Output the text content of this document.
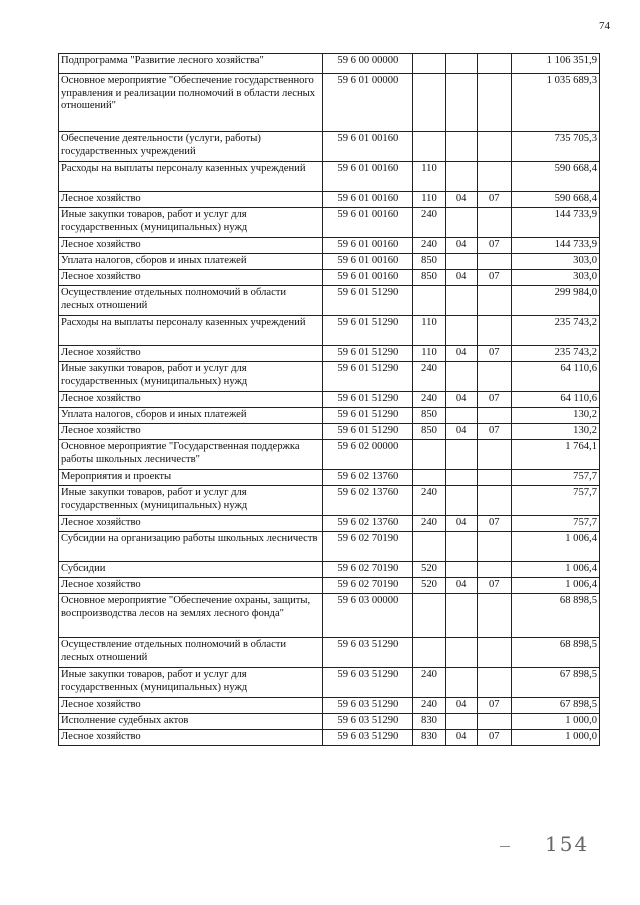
74
Подпрограмма "Развитие лесного хозяйства"	59 6 00 00000				1 106 351,9
Основное мероприятие "Обеспечение государственного управления и реализации полномочий в области лесных отношений"	59 6 01 00000				1 035 689,3
Обеспечение деятельности (услуги, работы) государственных учреждений	59 6 01 00160				735 705,3
Расходы на выплаты персоналу казенных учреждений	59 6 01 00160	110			590 668,4
Лесное хозяйство	59 6 01 00160	110	04	07	590 668,4
Иные закупки товаров, работ и услуг для государственных (муниципальных) нужд	59 6 01 00160	240			144 733,9
Лесное хозяйство	59 6 01 00160	240	04	07	144 733,9
Уплата налогов, сборов и иных платежей	59 6 01 00160	850			303,0
Лесное хозяйство	59 6 01 00160	850	04	07	303,0
Осуществление отдельных полномочий в области лесных отношений	59 6 01 51290				299 984,0
Расходы на выплаты персоналу казенных учреждений	59 6 01 51290	110			235 743,2
Лесное хозяйство	59 6 01 51290	110	04	07	235 743,2
Иные закупки товаров, работ и услуг для государственных (муниципальных) нужд	59 6 01 51290	240			64 110,6
Лесное хозяйство	59 6 01 51290	240	04	07	64 110,6
Уплата налогов, сборов и иных платежей	59 6 01 51290	850			130,2
Лесное хозяйство	59 6 01 51290	850	04	07	130,2
Основное мероприятие "Государственная поддержка работы школьных лесничеств"	59 6 02 00000				1 764,1
Мероприятия и проекты	59 6 02 13760				757,7
Иные закупки товаров, работ и услуг для государственных (муниципальных) нужд	59 6 02 13760	240			757,7
Лесное хозяйство	59 6 02 13760	240	04	07	757,7
Субсидии на организацию работы школьных лесничеств	59 6 02 70190				1 006,4
Субсидии	59 6 02 70190	520			1 006,4
Лесное хозяйство	59 6 02 70190	520	04	07	1 006,4
Основное мероприятие "Обеспечение охраны, защиты, воспроизводства лесов на землях лесного фонда"	59 6 03 00000				68 898,5
Осуществление отдельных полномочий в области лесных отношений	59 6 03 51290				68 898,5
Иные закупки товаров, работ и услуг для государственных (муниципальных) нужд	59 6 03 51290	240			67 898,5
Лесное хозяйство	59 6 03 51290	240	04	07	67 898,5
Исполнение судебных актов	59 6 03 51290	830			1 000,0
Лесное хозяйство	59 6 03 51290	830	04	07	1 000,0
154
